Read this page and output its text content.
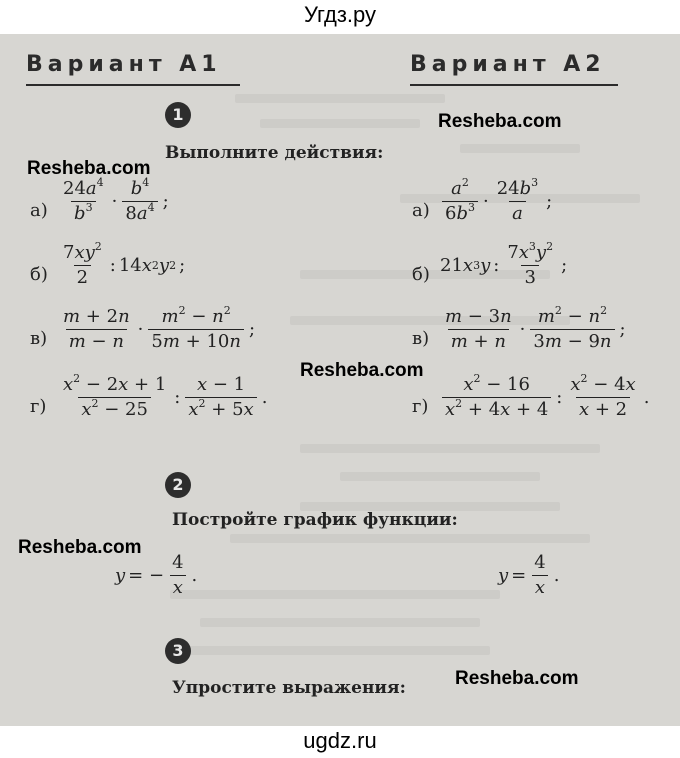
Угдз.ру
Вариант А1	Вариант А2
1	Resheba.com
Выполните действия:
Resheba.com
$а) \frac{24a^4}{b^3} \cdot \frac{b^4}{8a^4}$ ;
$б) \frac{7xy^2}{2}$ : 14 x 2 y 2 ;
$в) \frac{m + 2n}{m - n} \cdot \frac{m^2 - n^2}{5m + 10n}$ ;
$г) \frac{x^2 - 2x + 1}{x^2 - 25}$ : $\frac{x - 1}{x^2 + 5x}$ .
$а) \frac{a^2}{6b^3} \cdot \frac{24b^3}{a}$ ;
б) 21 x 3 y : $\frac{7x^3y^2}{3}$ ;
$в) \frac{m - 3n}{m + n} \cdot \frac{m^2 - n^2}{3m - 9n}$ ;
Resheba.com
$г) \frac{x^2 - 16}{x^2 + 4x + 4}$ : $\frac{x^2 - 4x}{x + 2}$ .
2
Постройте график функции:
Resheba.com
y = − $\frac{4}{x}$ .	$y = \frac{4}{x}$ .
3
Упростите выражения:	Resheba.com
ugdz.ru
